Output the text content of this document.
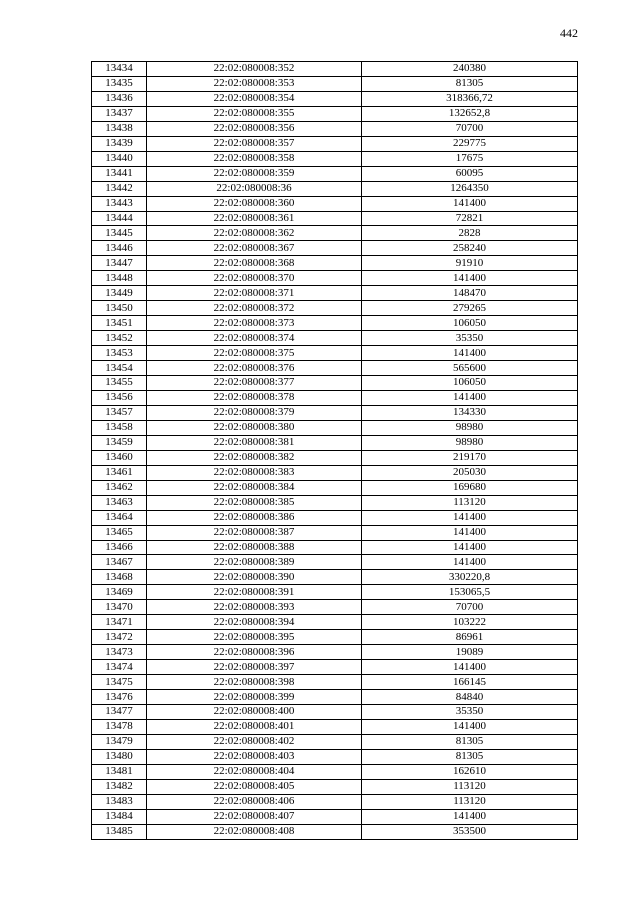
442
13434	22:02:080008:352	240380
13435	22:02:080008:353	81305
13436	22:02:080008:354	318366,72
13437	22:02:080008:355	132652,8
13438	22:02:080008:356	70700
13439	22:02:080008:357	229775
13440	22:02:080008:358	17675
13441	22:02:080008:359	60095
13442	22:02:080008:36	1264350
13443	22:02:080008:360	141400
13444	22:02:080008:361	72821
13445	22:02:080008:362	2828
13446	22:02:080008:367	258240
13447	22:02:080008:368	91910
13448	22:02:080008:370	141400
13449	22:02:080008:371	148470
13450	22:02:080008:372	279265
13451	22:02:080008:373	106050
13452	22:02:080008:374	35350
13453	22:02:080008:375	141400
13454	22:02:080008:376	565600
13455	22:02:080008:377	106050
13456	22:02:080008:378	141400
13457	22:02:080008:379	134330
13458	22:02:080008:380	98980
13459	22:02:080008:381	98980
13460	22:02:080008:382	219170
13461	22:02:080008:383	205030
13462	22:02:080008:384	169680
13463	22:02:080008:385	113120
13464	22:02:080008:386	141400
13465	22:02:080008:387	141400
13466	22:02:080008:388	141400
13467	22:02:080008:389	141400
13468	22:02:080008:390	330220,8
13469	22:02:080008:391	153065,5
13470	22:02:080008:393	70700
13471	22:02:080008:394	103222
13472	22:02:080008:395	86961
13473	22:02:080008:396	19089
13474	22:02:080008:397	141400
13475	22:02:080008:398	166145
13476	22:02:080008:399	84840
13477	22:02:080008:400	35350
13478	22:02:080008:401	141400
13479	22:02:080008:402	81305
13480	22:02:080008:403	81305
13481	22:02:080008:404	162610
13482	22:02:080008:405	113120
13483	22:02:080008:406	113120
13484	22:02:080008:407	141400
13485	22:02:080008:408	353500
